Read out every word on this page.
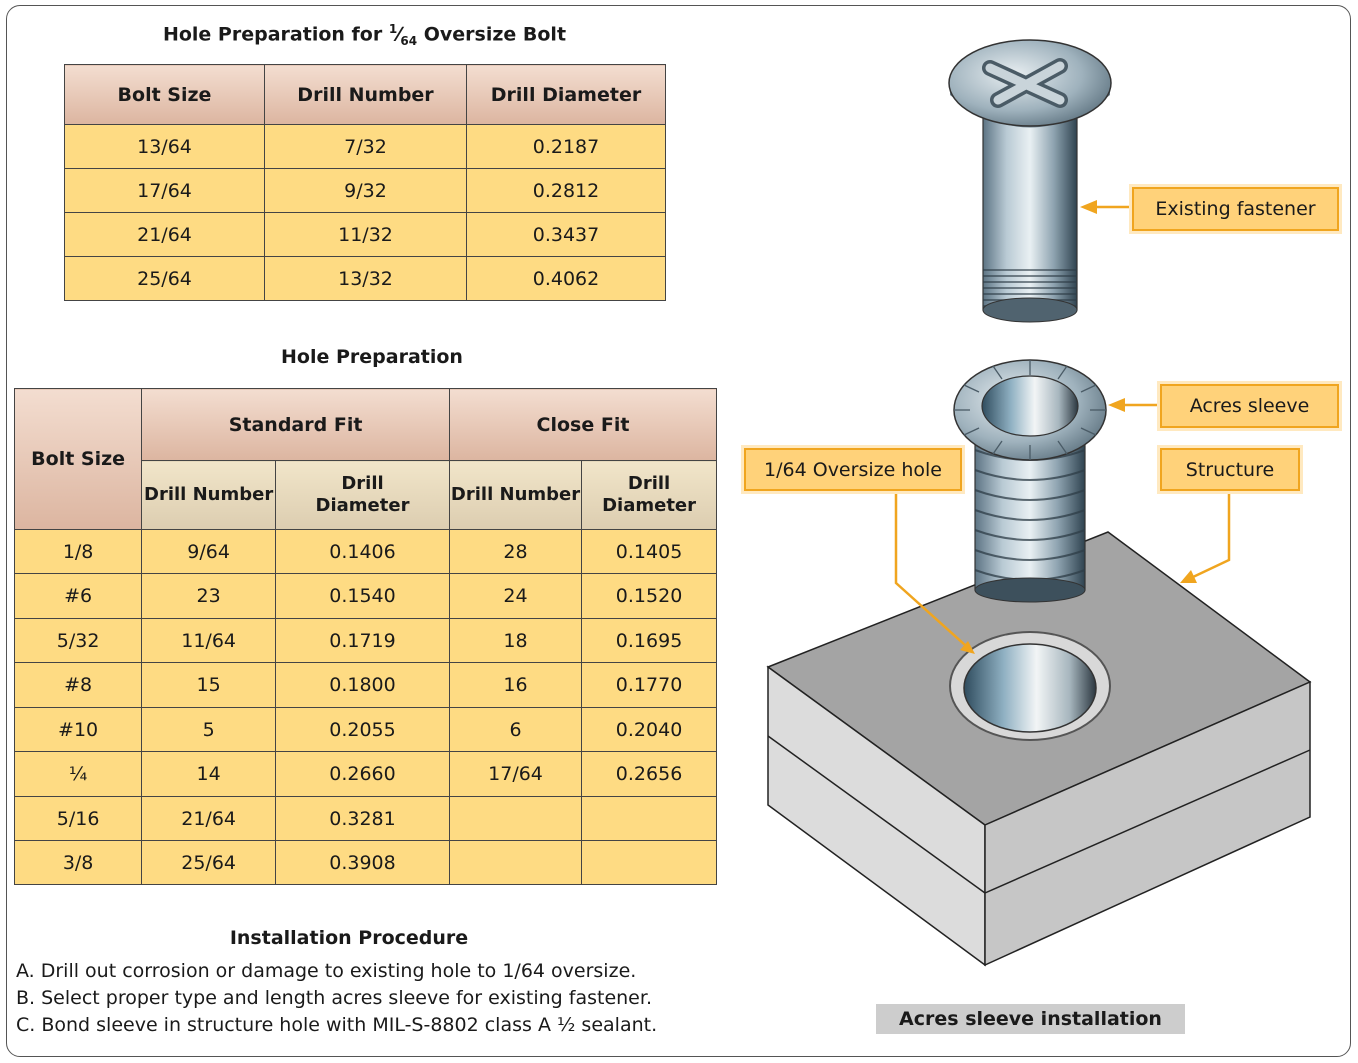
Hole Preparation for $^1⁄_{64}$ Oversize Bolt
Bolt Size	Drill Number	Drill Diameter
13/64	7/32	0.2187
17/64	9/32	0.2812
21/64	11/32	0.3437
25/64	13/32	0.4062
Hole Preparation
Bolt Size	Standard Fit		Close Fit	
	Drill Number	Drill Diameter	Drill Number	Drill Diameter
1/8	9/64	0.1406	28	0.1405
#6	23	0.1540	24	0.1520
5/32	11/64	0.1719	18	0.1695
#8	15	0.1800	16	0.1770
#10	5	0.2055	6	0.2040
¼	14	0.2660	17/64	0.2656
5/16	21/64	0.3281		
3/8	25/64	0.3908		
Installation Procedure
A. Drill out corrosion or damage to existing hole to 1/64 oversize.
B. Select proper type and length acres sleeve for existing fastener.
C. Bond sleeve in structure hole with MIL-S-8802 class A ½ sealant.
Existing fastener
Acres sleeve
1/64 Oversize hole	Structure
Acres sleeve installation
